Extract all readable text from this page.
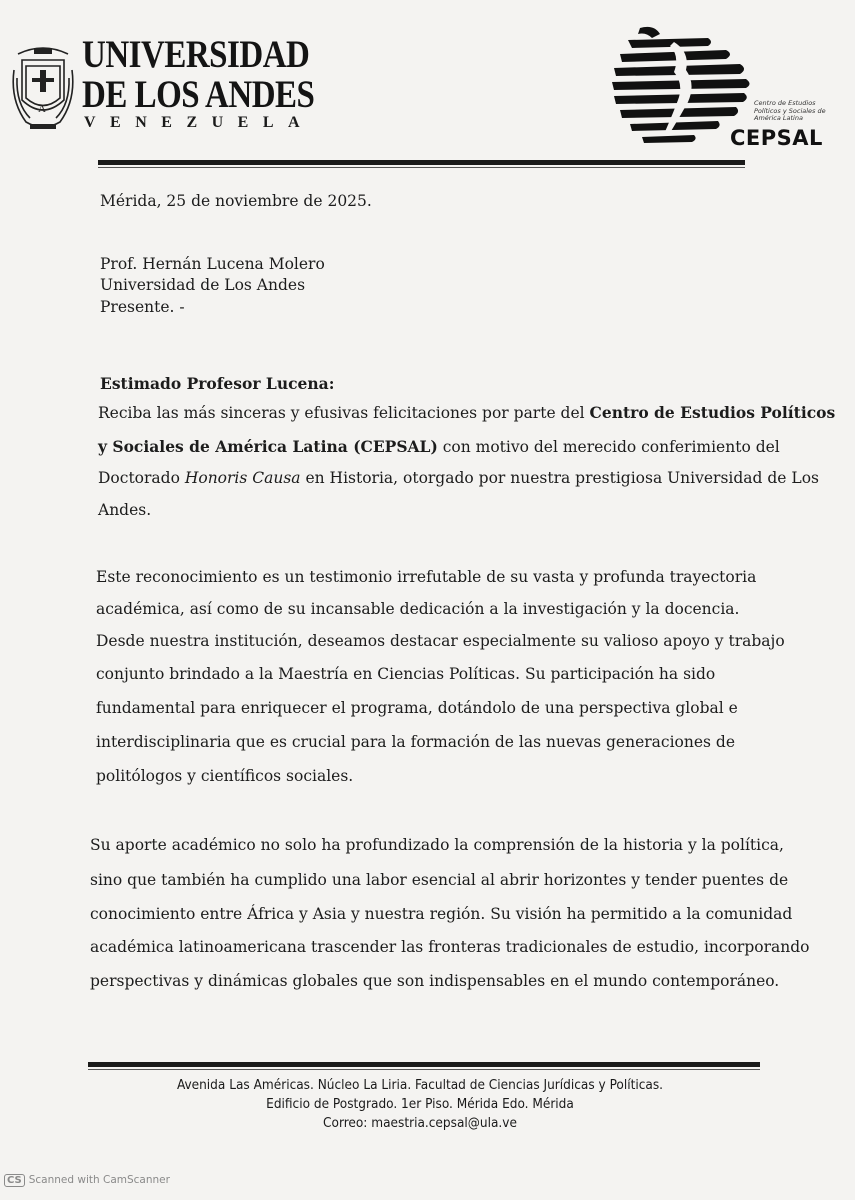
A
UNIVERSIDAD
DE LOS ANDES
VENEZUELA
Centro de Estudios Políticos y Sociales de América Latina
CEPSAL
Mérida, 25 de noviembre de 2025.
Prof. Hernán Lucena Molero
Universidad de Los Andes
Presente. -
Estimado Profesor Lucena:
Reciba las más sinceras y efusivas felicitaciones por parte del Centro de Estudios Políticos
y Sociales de América Latina (CEPSAL) con motivo del merecido conferimiento del
Doctorado Honoris Causa en Historia, otorgado por nuestra prestigiosa Universidad de Los
Andes.
Este reconocimiento es un testimonio irrefutable de su vasta y profunda trayectoria
académica, así como de su incansable dedicación a la investigación y la docencia.
Desde nuestra institución, deseamos destacar especialmente su valioso apoyo y trabajo
conjunto brindado a la Maestría en Ciencias Políticas. Su participación ha sido
fundamental para enriquecer el programa, dotándolo de una perspectiva global e
interdisciplinaria que es crucial para la formación de las nuevas generaciones de
politólogos y científicos sociales.
Su aporte académico no solo ha profundizado la comprensión de la historia y la política,
sino que también ha cumplido una labor esencial al abrir horizontes y tender puentes de
conocimiento entre África y Asia y nuestra región. Su visión ha permitido a la comunidad
académica latinoamericana trascender las fronteras tradicionales de estudio, incorporando
perspectivas y dinámicas globales que son indispensables en el mundo contemporáneo.
Avenida Las Américas. Núcleo La Liria. Facultad de Ciencias Jurídicas y Políticas.
Edificio de Postgrado. 1er Piso. Mérida Edo. Mérida
Correo: maestria.cepsal@ula.ve
CS Scanned with CamScanner
